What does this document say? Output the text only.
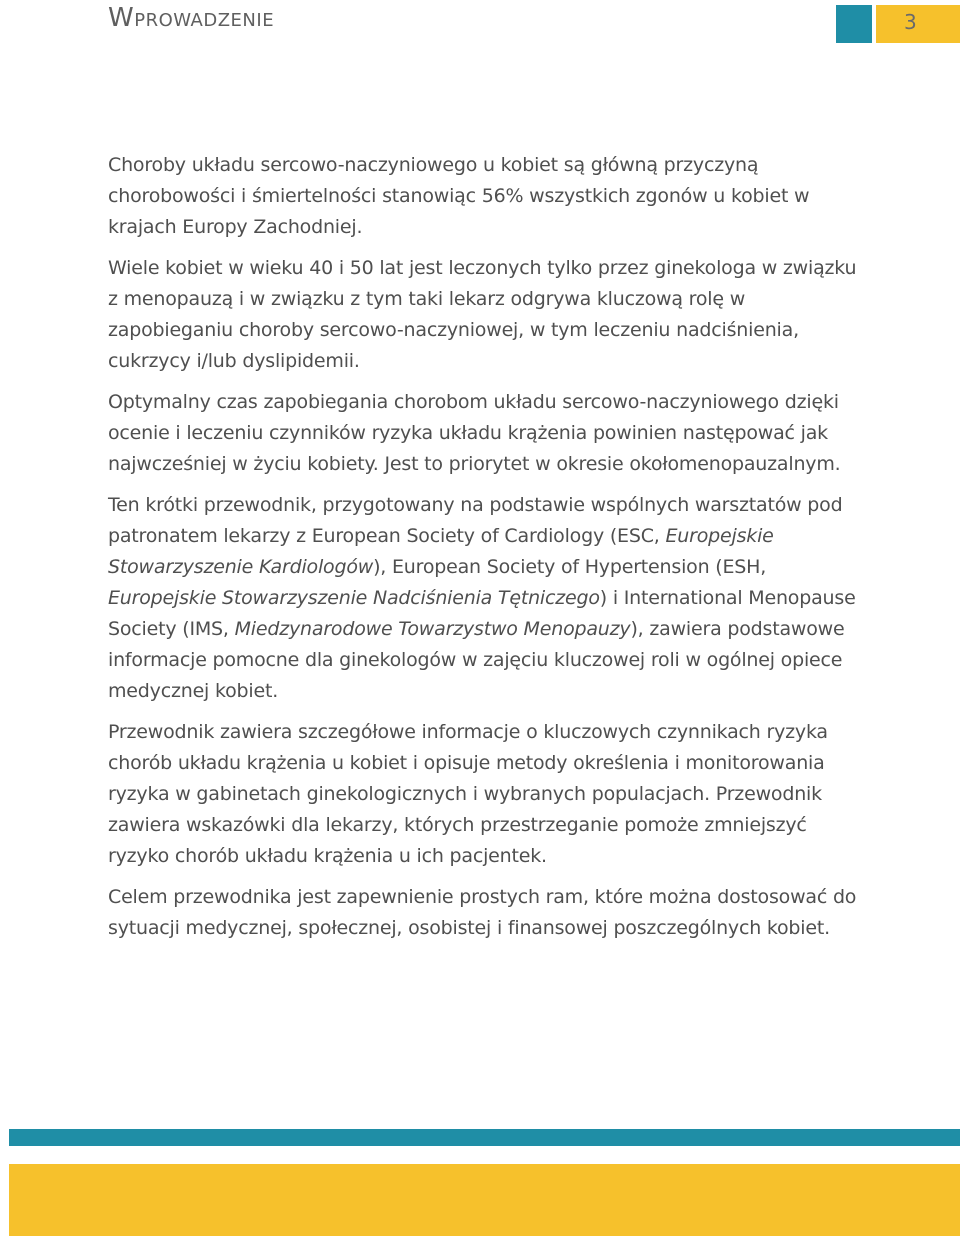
Wprowadzenie	3

Choroby układu sercowo-naczyniowego u kobiet są główną przyczyną chorobowości i śmiertelności stanowiąc 56% wszystkich zgonów u kobiet w krajach Europy Zachodniej.

Wiele kobiet w wieku 40 i 50 lat jest leczonych tylko przez ginekologa w związku z menopauzą i w związku z tym taki lekarz odgrywa kluczową rolę w zapobieganiu choroby sercowo-naczyniowej, w tym leczeniu nadciśnienia, cukrzycy i/lub dyslipidemii.

Optymalny czas zapobiegania chorobom układu sercowo-naczyniowego dzięki ocenie i leczeniu czynników ryzyka układu krążenia powinien następować jak najwcześniej w życiu kobiety. Jest to priorytet w okresie okołomenopauzalnym.

Ten krótki przewodnik, przygotowany na podstawie wspólnych warsztatów pod patronatem lekarzy z European Society of Cardiology (ESC, Europejskie Stowarzyszenie Kardiologów), European Society of Hypertension (ESH, Europejskie Stowarzyszenie Nadciśnienia Tętniczego) i International Menopause Society (IMS, Miedzynarodowe Towarzystwo Menopauzy), zawiera podstawowe informacje pomocne dla ginekologów w zajęciu kluczowej roli w ogólnej opiece medycznej kobiet.

Przewodnik zawiera szczegółowe informacje o kluczowych czynnikach ryzyka chorób układu krążenia u kobiet i opisuje metody określenia i monitorowania ryzyka w gabinetach ginekologicznych i wybranych populacjach. Przewodnik zawiera wskazówki dla lekarzy, których przestrzeganie pomoże zmniejszyć ryzyko chorób układu krążenia u ich pacjentek.

Celem przewodnika jest zapewnienie prostych ram, które można dostosować do sytuacji medycznej, społecznej, osobistej i finansowej poszczególnych kobiet.
